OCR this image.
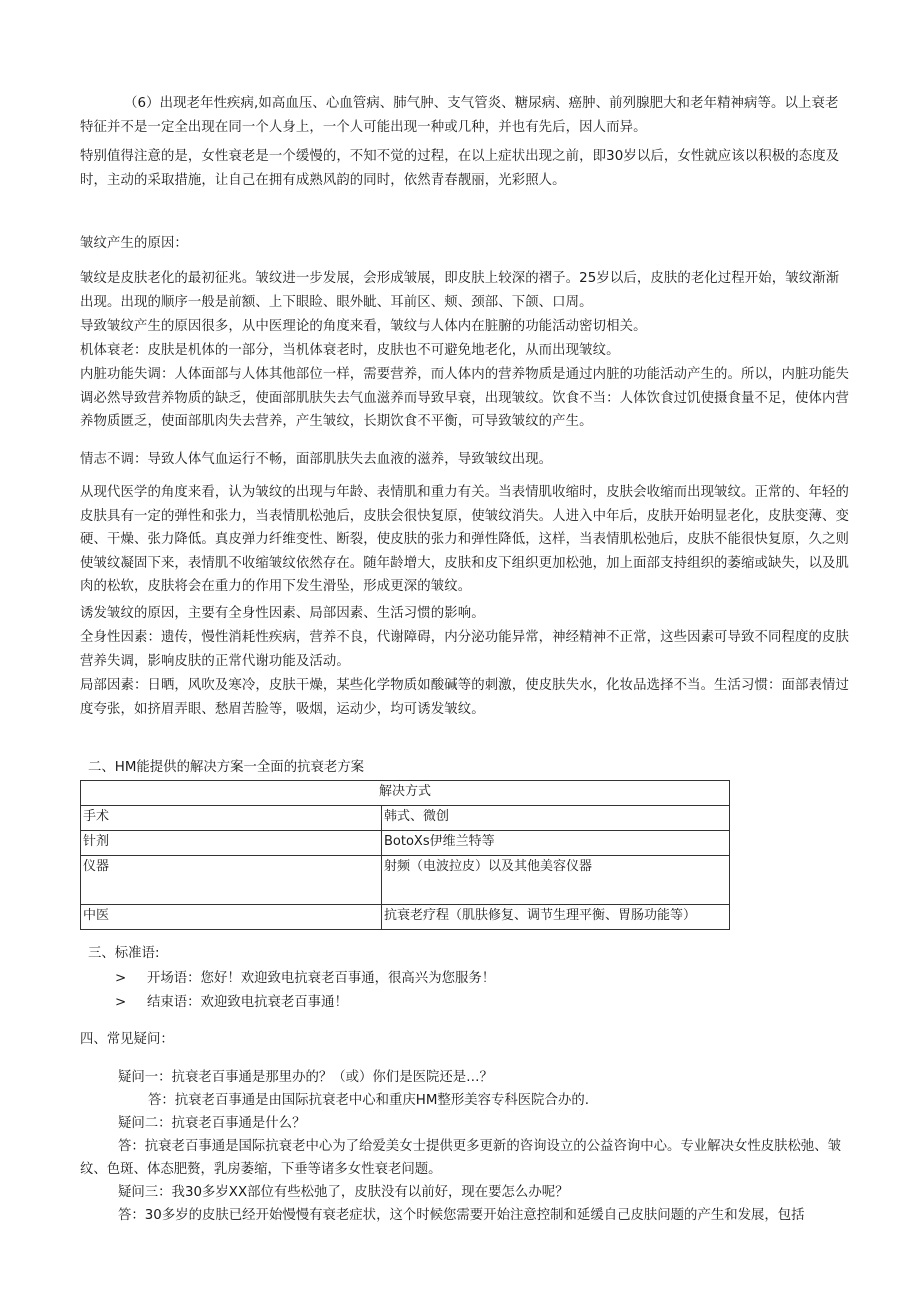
（6）出现老年性疾病,如高血压、心血管病、肺气肿、支气管炎、糖尿病、癌肿、前列腺肥大和老年精神病等。以上衰老特征并不是一定全出现在同一个人身上，一个人可能出现一种或几种，并也有先后，因人而异。

特别值得注意的是，女性衰老是一个缓慢的，不知不觉的过程，在以上症状出现之前，即30岁以后，女性就应该以积极的态度及时，主动的采取措施，让自己在拥有成熟风韵的同时，依然青春靓丽，光彩照人。

皱纹产生的原因：

皱纹是皮肤老化的最初征兆。皱纹进一步发展，会形成皱展，即皮肤上较深的褶子。25岁以后，皮肤的老化过程开始，皱纹渐渐出现。出现的顺序一般是前额、上下眼睑、眼外眦、耳前区、颊、颈部、下颌、口周。

导致皱纹产生的原因很多，从中医理论的角度来看，皱纹与人体内在脏腑的功能活动密切相关。

机体衰老：皮肤是机体的一部分，当机体衰老时，皮肤也不可避免地老化，从而出现皱纹。

内脏功能失调：人体面部与人体其他部位一样，需要营养，而人体内的营养物质是通过内脏的功能活动产生的。所以，内脏功能失调必然导致营养物质的缺乏，使面部肌肤失去气血滋养而导致早衰，出现皱纹。饮食不当：人体饮食过饥使摄食量不足，使体内营养物质匮乏，使面部肌肉失去营养，产生皱纹，长期饮食不平衡，可导致皱纹的产生。

情志不调：导致人体气血运行不畅，面部肌肤失去血液的滋养，导致皱纹出现。

从现代医学的角度来看，认为皱纹的出现与年龄、表情肌和重力有关。当表情肌收缩时，皮肤会收缩而出现皱纹。正常的、年轻的皮肤具有一定的弹性和张力，当表情肌松弛后，皮肤会很快复原，使皱纹消失。人进入中年后，皮肤开始明显老化，皮肤变薄、变硬、干燥、张力降低。真皮弹力纤维变性、断裂，使皮肤的张力和弹性降低，这样，当表情肌松弛后，皮肤不能很快复原，久之则使皱纹凝固下来，表情肌不收缩皱纹依然存在。随年龄增大，皮肤和皮下组织更加松弛，加上面部支持组织的萎缩或缺失，以及肌肉的松软，皮肤将会在重力的作用下发生滑坠，形成更深的皱纹。

诱发皱纹的原因，主要有全身性因素、局部因素、生活习惯的影响。

全身性因素：遗传，慢性消耗性疾病，营养不良，代谢障碍，内分泌功能异常，神经精神不正常，这些因素可导致不同程度的皮肤营养失调，影响皮肤的正常代谢功能及活动。

局部因素：日晒，风吹及寒冷，皮肤干燥，某些化学物质如酸碱等的刺激，使皮肤失水，化妆品选择不当。生活习惯：面部表情过度夸张，如挤眉弄眼、愁眉苦脸等，吸烟，运动少，均可诱发皱纹。

二、HM能提供的解决方案一全面的抗衰老方案

解决方式	
手术	韩式、微创
针剂	BotoXs伊维兰特等
仪器	射频（电波拉皮）以及其他美容仪器
中医	抗衰老疗程（肌肤修复、调节生理平衡、胃肠功能等）

三、标准语:

> 开场语：您好！欢迎致电抗衰老百事通，很高兴为您服务！
> 结束语：欢迎致电抗衰老百事通！

四、常见疑问：

疑问一：抗衰老百事通是那里办的？（或）你们是医院还是…？

答：抗衰老百事通是由国际抗衰老中心和重庆HM整形美容专科医院合办的.

疑问二：抗衰老百事通是什么？

答：抗衰老百事通是国际抗衰老中心为了给爱美女士提供更多更新的咨询设立的公益咨询中心。专业解决女性皮肤松弛、皱纹、色斑、体态肥赘，乳房萎缩，下垂等诸多女性衰老问题。

疑问三：我30多岁XX部位有些松弛了，皮肤没有以前好，现在要怎么办呢？

答：30多岁的皮肤已经开始慢慢有衰老症状，这个时候您需要开始注意控制和延缓自己皮肤问题的产生和发展，包括
